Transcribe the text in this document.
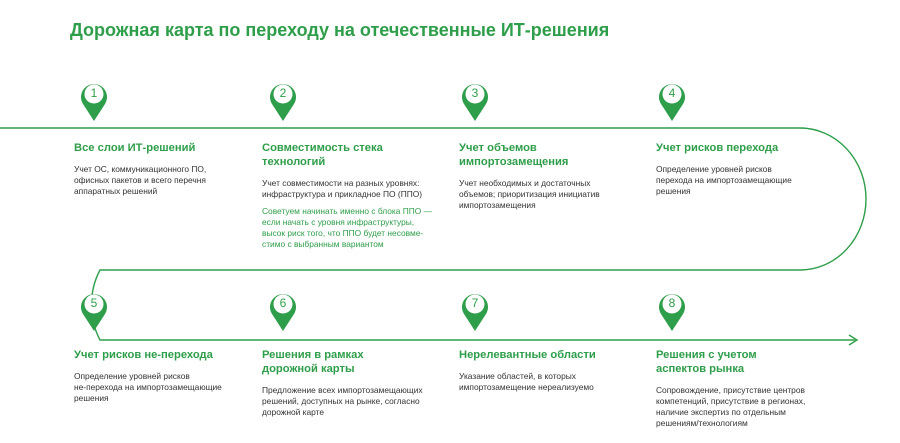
Дорожная карта по переходу на отечественные ИТ-решения
1	2	3	4
5	6	7	8
Все слои ИТ-решений

Учет ОС, коммуникационного ПО,
офисных пакетов и всего перечня
аппаратных решений

Совместимость стека
технологий

Учет совместимости на разных уровнях:
инфраструктура и прикладное ПО (ППО)

Советуем начинать именно с блока ППО —
если начать с уровня инфраструктуры,
высок риск того, что ППО будет несовме-
стимо с выбранным вариантом

Учет объемов
импортозамещения

Учет необходимых и достаточных
объемов; приоритизация инициатив
импортозамещения

Учет рисков перехода

Определение уровней рисков
перехода на импортозамещающие
решения

Учет рисков не-перехода

Определение уровней рисков
не-перехода на импортозамещающие
решения

Решения в рамках
дорожной карты

Предложение всех импортозамещающих
решений, доступных на рынке, согласно
дорожной карте

Нерелевантные области

Указание областей, в которых
импортозамещение нереализуемо

Решения с учетом
аспектов рынка

Сопровождение, присутствие центров
компетенций, присутствие в регионах,
наличие экспертиз по отдельным
решениям/технологиям
